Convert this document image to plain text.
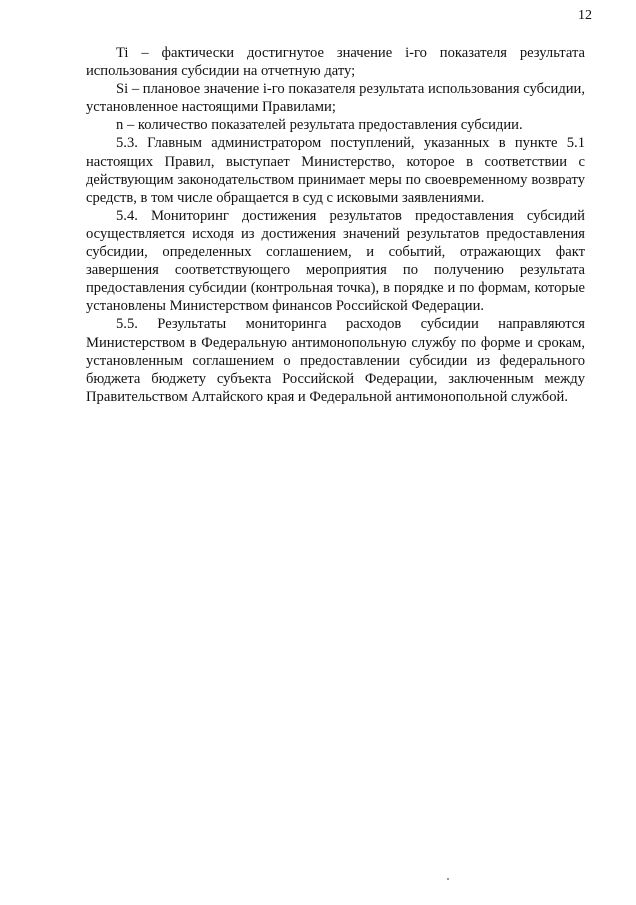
12

Ti – фактически достигнутое значение i-го показателя результата использования субсидии на отчетную дату;

Si – плановое значение i-го показателя результата использования субсидии, установленное настоящими Правилами;

n – количество показателей результата предоставления субсидии.

5.3. Главным администратором поступлений, указанных в пункте 5.1 настоящих Правил, выступает Министерство, которое в соответствии с действующим законодательством принимает меры по своевременному возврату средств, в том числе обращается в суд с исковыми заявлениями.

5.4. Мониторинг достижения результатов предоставления субсидий осуществляется исходя из достижения значений результатов предоставления субсидии, определенных соглашением, и событий, отражающих факт завершения соответствующего мероприятия по получению результата предоставления субсидии (контрольная точка), в порядке и по формам, которые установлены Министерством финансов Российской Федерации.

5.5. Результаты мониторинга расходов субсидии направляются Министерством в Федеральную антимонопольную службу по форме и срокам, установленным соглашением о предоставлении субсидии из федерального бюджета бюджету субъекта Российской Федерации, заключенным между Правительством Алтайского края и Федеральной антимонопольной службой.
